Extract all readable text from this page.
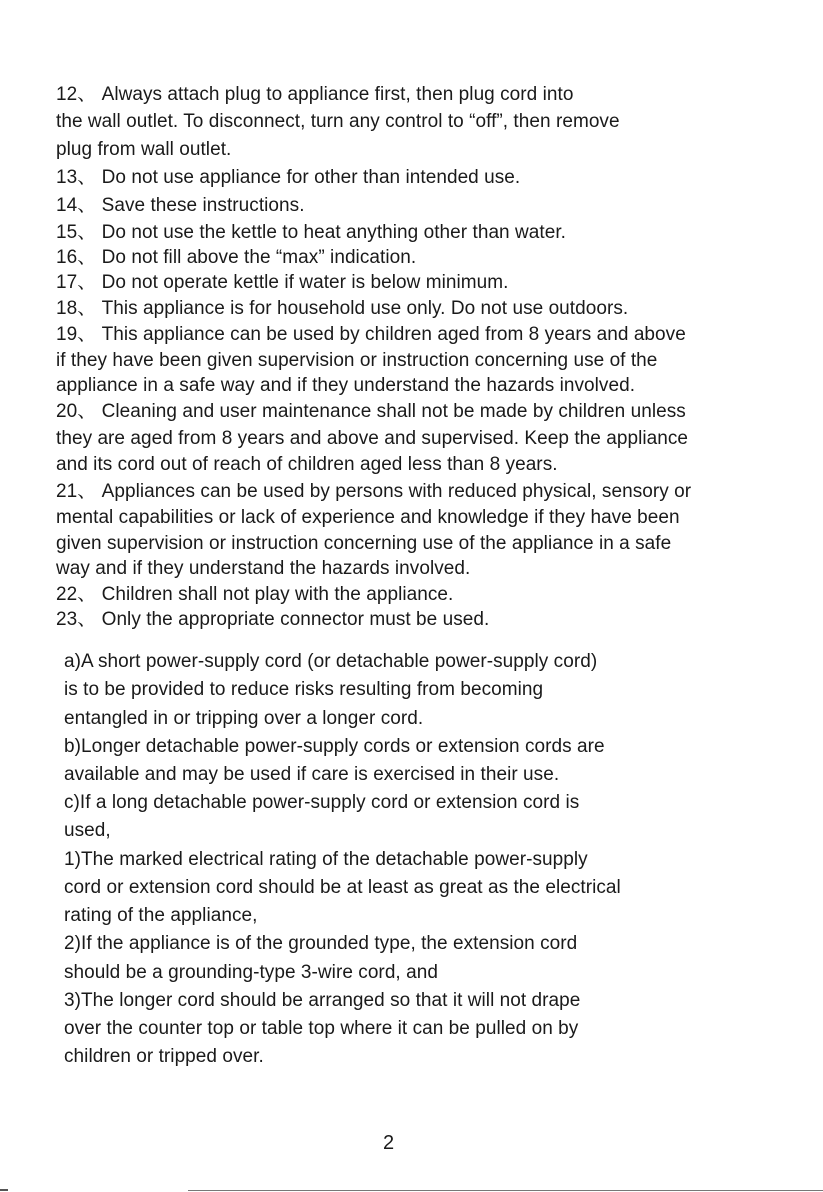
12、 Always attach plug to appliance first, then plug cord into
the wall outlet. To disconnect, turn any control to “off”, then remove
plug from wall outlet.
13、 Do not use appliance for other than intended use.
14、 Save these instructions.
15、 Do not use the kettle to heat anything other than water.
16、 Do not fill above the “max” indication.
17、 Do not operate kettle if water is below minimum.
18、 This appliance is for household use only. Do not use outdoors.
19、 This appliance can be used by children aged from 8 years and above
if they have been given supervision or instruction concerning use of the
appliance in a safe way and if they understand the hazards involved.
20、 Cleaning and user maintenance shall not be made by children unless
they are aged from 8 years and above and supervised. Keep the appliance
and its cord out of reach of children aged less than 8 years.
21、 Appliances can be used by persons with reduced physical, sensory or
mental capabilities or lack of experience and knowledge if they have been
given supervision or instruction concerning use of the appliance in a safe
way and if they understand the hazards involved.
22、 Children shall not play with the appliance.
23、 Only the appropriate connector must be used.
a)A short power-supply cord (or detachable power-supply cord)
is to be provided to reduce risks resulting from becoming
entangled in or tripping over a longer cord.
b)Longer detachable power-supply cords or extension cords are
available and may be used if care is exercised in their use.
c)If a long detachable power-supply cord or extension cord is
used,
1)The marked electrical rating of the detachable power-supply
cord or extension cord should be at least as great as the electrical
rating of the appliance,
2)If the appliance is of the grounded type, the extension cord
should be a grounding-type 3-wire cord, and
3)The longer cord should be arranged so that it will not drape
over the counter top or table top where it can be pulled on by
children or tripped over.
2
